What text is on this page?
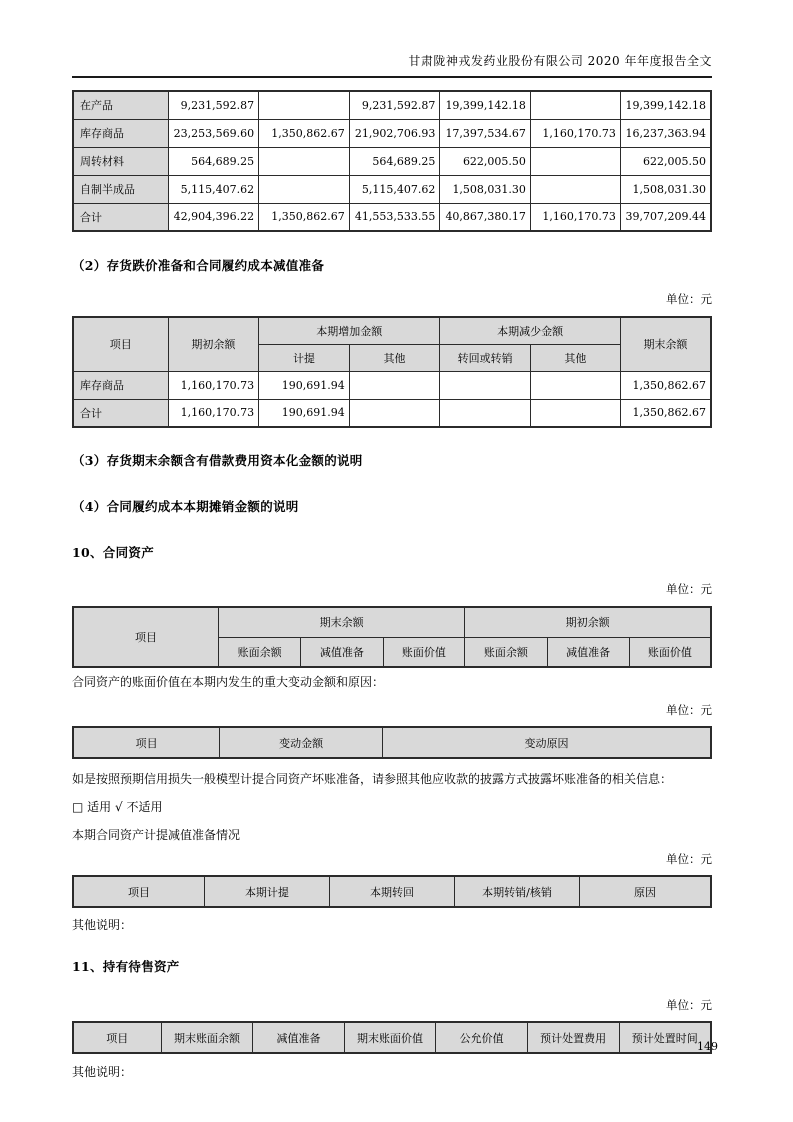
甘肃陇神戎发药业股份有限公司 2020 年年度报告全文
在产品	9,231,592.87		9,231,592.87	19,399,142.18		19,399,142.18
库存商品	23,253,569.60	1,350,862.67	21,902,706.93	17,397,534.67	1,160,170.73	16,237,363.94
周转材料	564,689.25		564,689.25	622,005.50		622,005.50
自制半成品	5,115,407.62		5,115,407.62	1,508,031.30		1,508,031.30
合计	42,904,396.22	1,350,862.67	41,553,533.55	40,867,380.17	1,160,170.73	39,707,209.44
（2）存货跌价准备和合同履约成本减值准备
单位：元
项目	期初余额	本期增加金额		本期减少金额		期末余额
		计提	其他	转回或转销	其他	
库存商品	1,160,170.73	190,691.94				1,350,862.67
合计	1,160,170.73	190,691.94				1,350,862.67
（3）存货期末余额含有借款费用资本化金额的说明
（4）合同履约成本本期摊销金额的说明
10、合同资产
单位：元
项目	期末余额			期初余额		
	账面余额	减值准备	账面价值	账面余额	减值准备	账面价值
合同资产的账面价值在本期内发生的重大变动金额和原因：
单位：元
项目	变动金额	变动原因
如是按照预期信用损失一般模型计提合同资产坏账准备，请参照其他应收款的披露方式披露坏账准备的相关信息：
□ 适用 √ 不适用
本期合同资产计提减值准备情况
单位：元
项目	本期计提	本期转回	本期转销/核销	原因
其他说明：
11、持有待售资产
单位：元
项目	期末账面余额	减值准备	期末账面价值	公允价值	预计处置费用	预计处置时间
其他说明：
149
